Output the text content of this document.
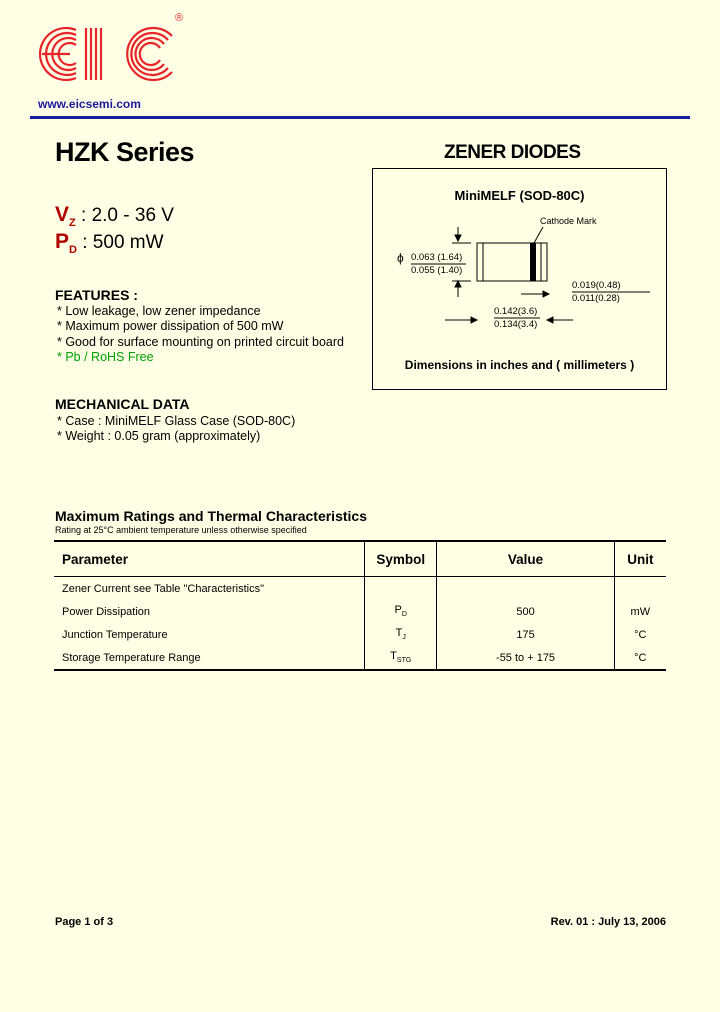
®
www.eicsemi.com
HZK Series	ZENER DIODES
$V_Z$ : 2.0 - 36 V
$P_D$ : 500 mW
MiniMELF (SOD-80C)
Cathode Mark
ϕ 0.063 (1.64)
0.055 (1.40)
0.019(0.48)
0.011(0.28)
0.142(3.6)
0.134(3.4)
Dimensions in inches and ( millimeters )
FEATURES :
* Low leakage, low zener impedance
* Maximum power dissipation of 500 mW
* Good for surface mounting on printed circuit board
* Pb / RoHS Free
MECHANICAL DATA
* Case : MiniMELF Glass Case (SOD-80C)
* Weight : 0.05 gram (approximately)
Maximum Ratings and Thermal Characteristics
Rating at 25°C ambient temperature unless otherwise specified
Parameter	Symbol	Value	Unit
Zener Current see Table "Characteristics"			
Power Dissipation	$P_D$	500	mW
Junction Temperature	$T_J$	175	°C
Storage Temperature Range	$T_{STG}$	-55 to + 175	°C
Page 1 of 3	Rev. 01 : July 13, 2006
